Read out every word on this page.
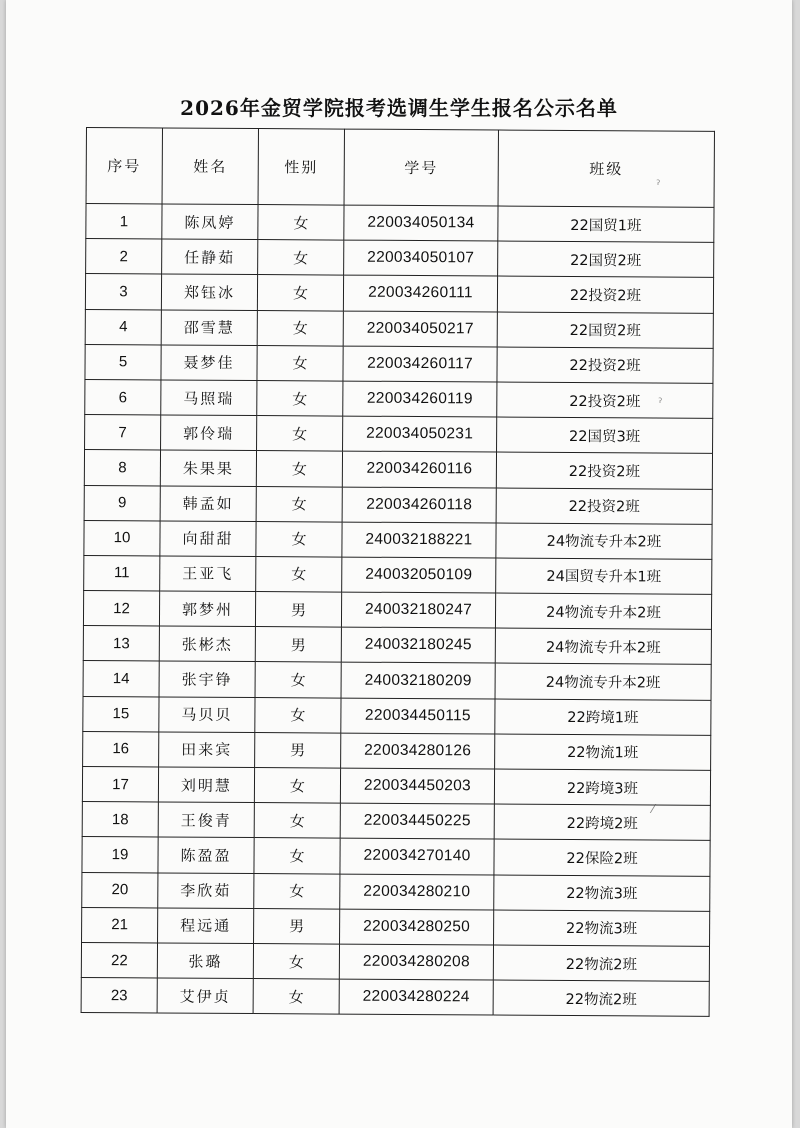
2026年金贸学院报考选调生学生报名公示名单
序号	姓名	性别	学号	班级
1	陈凤婷	女	220034050134	22国贸1班
2	任静茹	女	220034050107	22国贸2班
3	郑钰冰	女	220034260111	22投资2班
4	邵雪慧	女	220034050217	22国贸2班
5	聂梦佳	女	220034260117	22投资2班
6	马照瑞	女	220034260119	22投资2班
7	郭伶瑞	女	220034050231	22国贸3班
8	朱果果	女	220034260116	22投资2班
9	韩孟如	女	220034260118	22投资2班
10	向甜甜	女	240032188221	24物流专升本2班
11	王亚飞	女	240032050109	24国贸专升本1班
12	郭梦州	男	240032180247	24物流专升本2班
13	张彬杰	男	240032180245	24物流专升本2班
14	张宇铮	女	240032180209	24物流专升本2班
15	马贝贝	女	220034450115	22跨境1班
16	田来宾	男	220034280126	22物流1班
17	刘明慧	女	220034450203	22跨境3班
18	王俊青	女	220034450225	22跨境2班
19	陈盈盈	女	220034270140	22保险2班
20	李欣茹	女	220034280210	22物流3班
21	程远通	男	220034280250	22物流3班
22	张璐	女	220034280208	22物流2班
23	艾伊贞	女	220034280224	22物流2班
ˀ
ˀ
⁄
